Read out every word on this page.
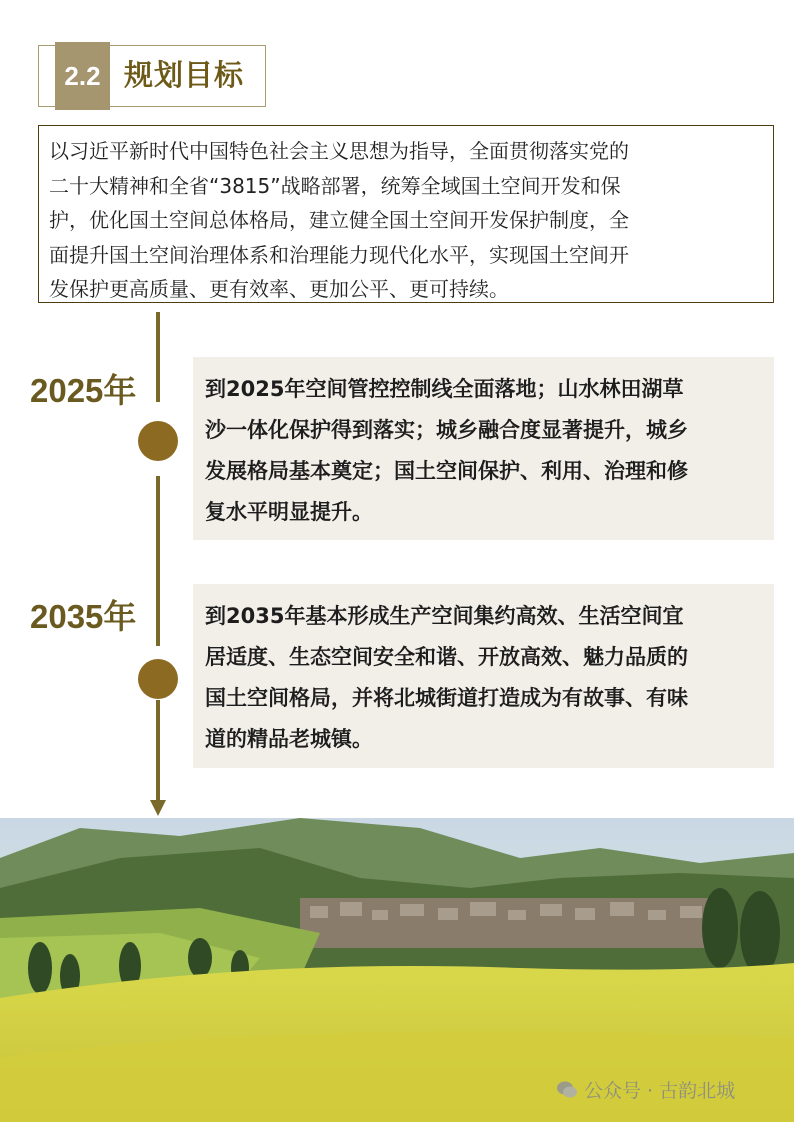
2.2 规划目标
以习近平新时代中国特色社会主义思想为指导，全面贯彻落实党的
二十大精神和全省“3815”战略部署，统筹全域国土空间开发和保
护，优化国土空间总体格局，建立健全国土空间开发保护制度，全
面提升国土空间治理体系和治理能力现代化水平，实现国土空间开
发保护更高质量、更有效率、更加公平、更可持续。
2025年
2035年
到2025年空间管控控制线全面落地；山水林田湖草
沙一体化保护得到落实；城乡融合度显著提升，城乡
发展格局基本奠定；国土空间保护、利用、治理和修
复水平明显提升。
到2035年基本形成生产空间集约高效、生活空间宜
居适度、生态空间安全和谐、开放高效、魅力品质的
国土空间格局，并将北城街道打造成为有故事、有味
道的精品老城镇。
公众号 · 古韵北城
